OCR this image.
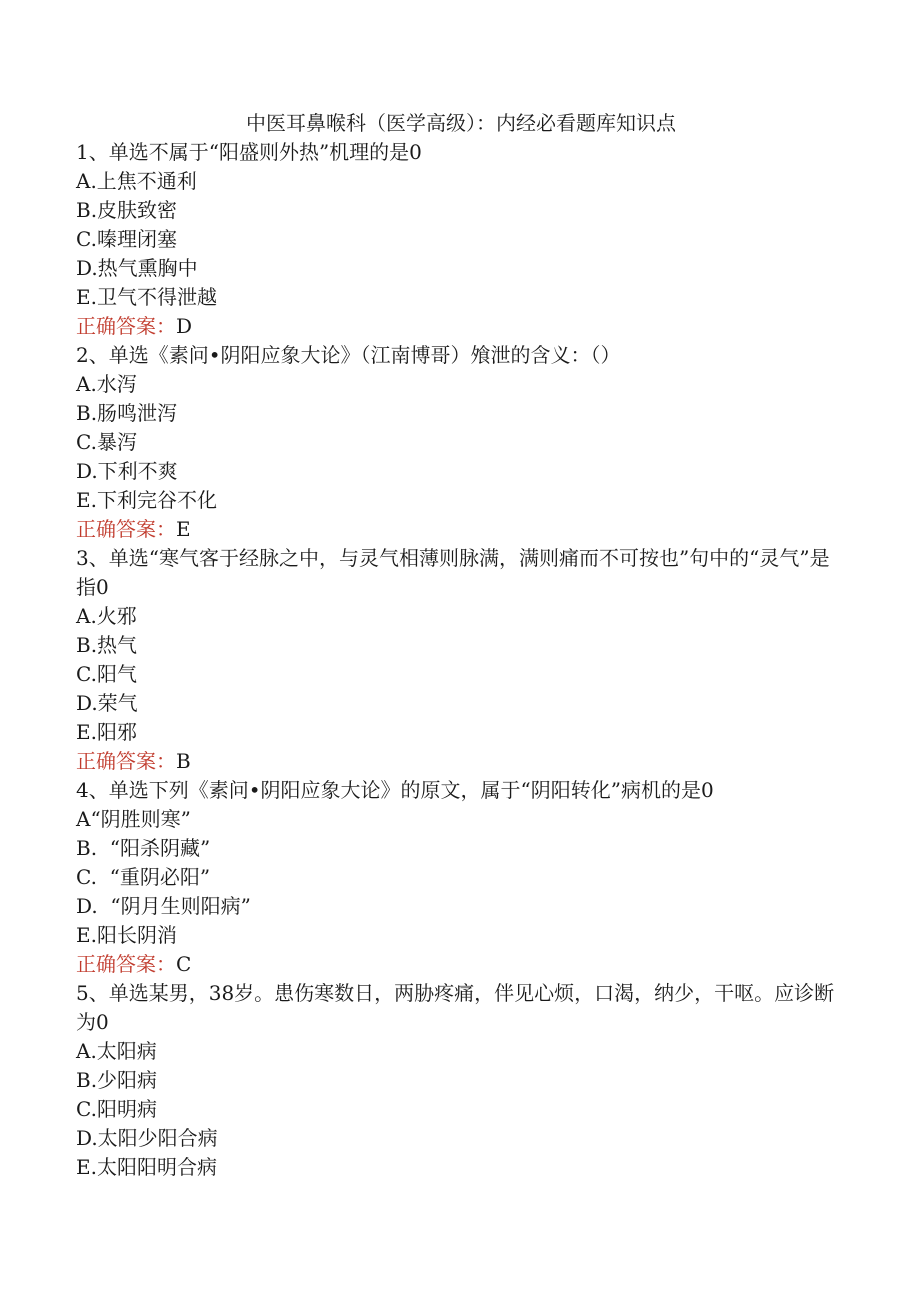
中医耳鼻喉科（医学高级）：内经必看题库知识点
1、单选不属于“阳盛则外热”机理的是0
A.上焦不通利
B.皮肤致密
C.嗪理闭塞
D.热气熏胸中
E.卫气不得泄越
正确答案：D
2、单选《素问•阴阳应象大论》（江南博哥）飧泄的含义：（）
A.水泻
B.肠鸣泄泻
C.暴泻
D.下利不爽
E.下利完谷不化
正确答案：E
3、单选“寒气客于经脉之中，与灵气相薄则脉满，满则痛而不可按也”句中的“灵气”是指0
A.火邪
B.热气
C.阳气
D.荣气
E.阳邪
正确答案：B
4、单选下列《素问•阴阳应象大论》的原文，属于“阴阳转化”病机的是0
A“阴胜则寒”
B.  “阳杀阴藏”
C.  “重阴必阳”
D.  “阴月生则阳病”
E.阳长阴消
正确答案：C
5、单选某男，38岁。患伤寒数日，两胁疼痛，伴见心烦，口渴，纳少，干呕。应诊断为0
A.太阳病
B.少阳病
C.阳明病
D.太阳少阳合病
E.太阳阳明合病
